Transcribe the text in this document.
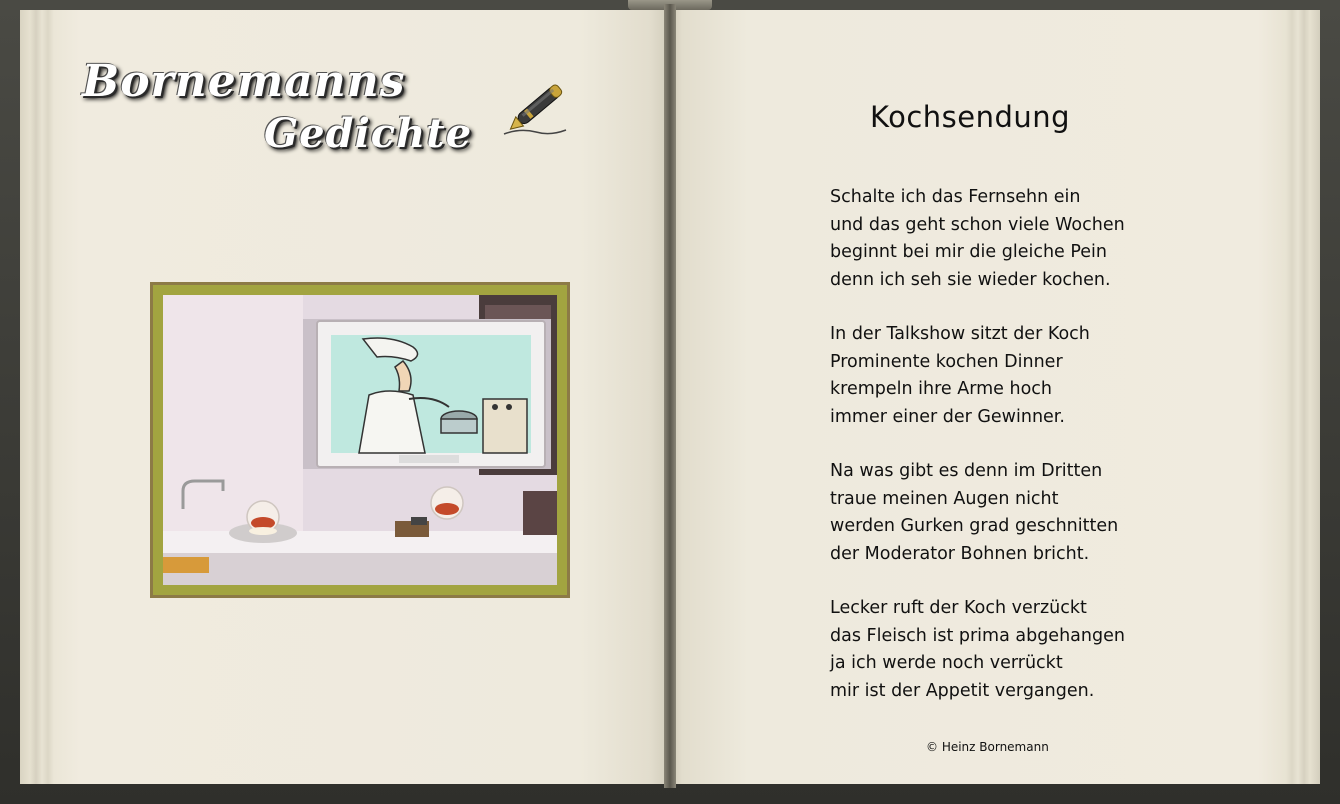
Bornemanns
Gedichte	Kochsendung
Schalte ich das Fernsehn ein
und das geht schon viele Wochen
beginnt bei mir die gleiche Pein
denn ich seh sie wieder kochen.
In der Talkshow sitzt der Koch
Prominente kochen Dinner
krempeln ihre Arme hoch
immer einer der Gewinner.
Na was gibt es denn im Dritten
traue meinen Augen nicht
werden Gurken grad geschnitten
der Moderator Bohnen bricht.
Lecker ruft der Koch verzückt
das Fleisch ist prima abgehangen
ja ich werde noch verrückt
mir ist der Appetit vergangen.
© Heinz Bornemann
